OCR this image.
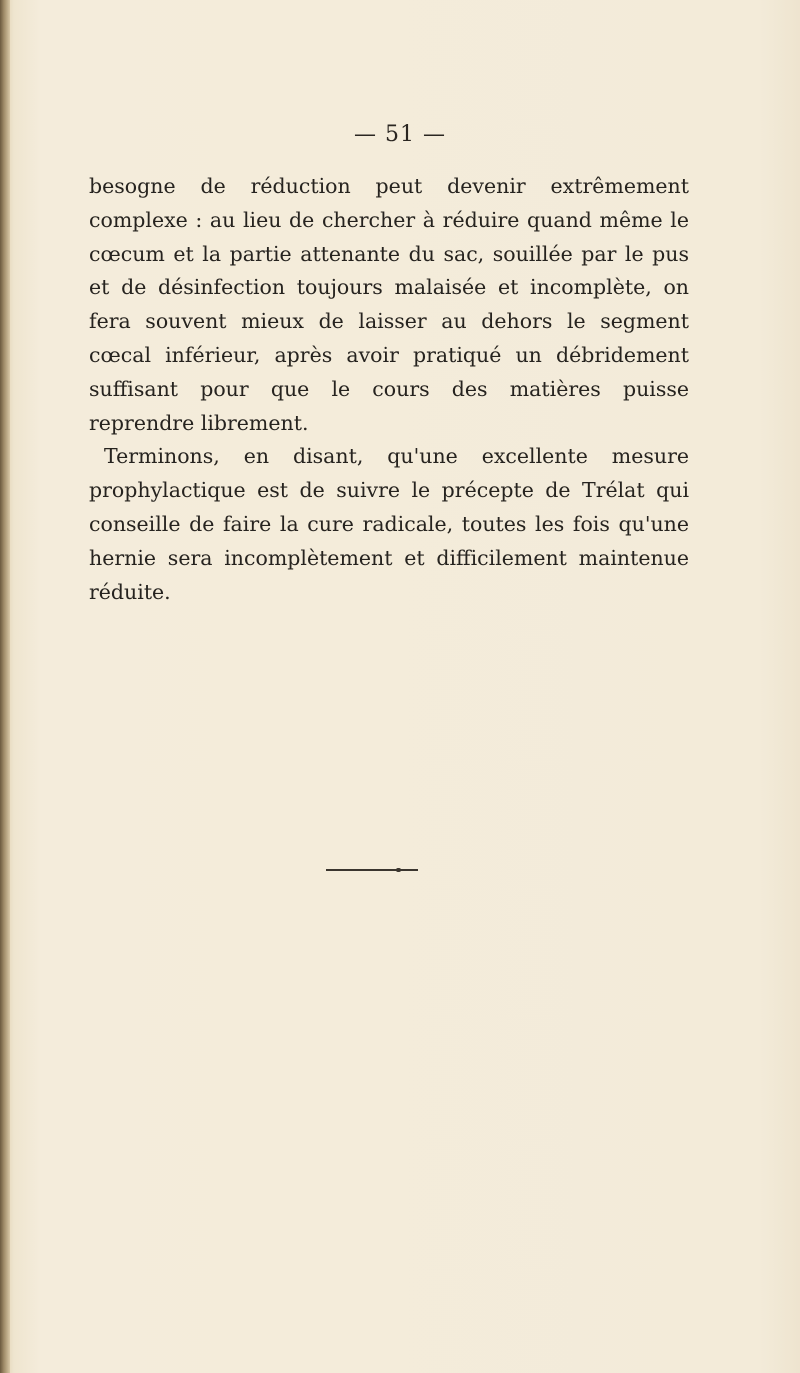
— 51 —

besogne de réduction peut devenir extrêmement complexe : au lieu de chercher à réduire quand même le cœcum et la partie attenante du sac, souillée par le pus et de désinfection toujours malaisée et incomplète, on fera souvent mieux de laisser au dehors le segment cœcal inférieur, après avoir pratiqué un débridement suffisant pour que le cours des matières puisse reprendre librement.

Terminons, en disant, qu'une excellente mesure prophylactique est de suivre le précepte de Trélat qui conseille de faire la cure radicale, toutes les fois qu'une hernie sera incomplètement et difficilement maintenue réduite.
